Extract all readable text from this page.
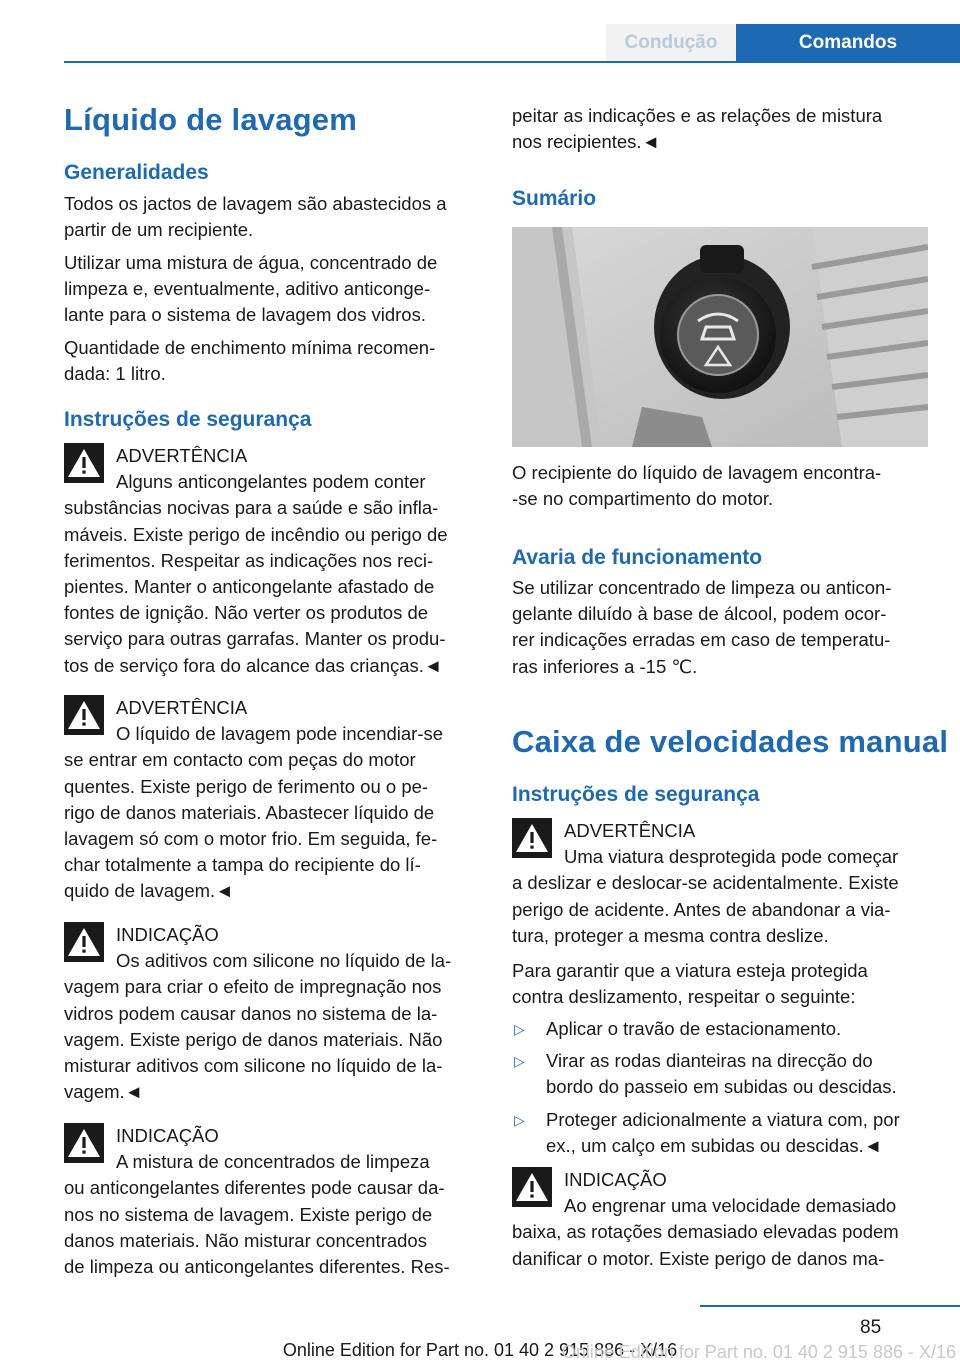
Condução	Comandos
Líquido de lavagem
Generalidades
Todos os jactos de lavagem são abastecidos a
partir de um recipiente.
Utilizar uma mistura de água, concentrado de
limpeza e, eventualmente, aditivo anticonge-
lante para o sistema de lavagem dos vidros.
Quantidade de enchimento mínima recomen-
dada: 1 litro.
Instruções de segurança
ADVERTÊNCIA
Alguns anticongelantes podem conter
substâncias nocivas para a saúde e são infla-
máveis. Existe perigo de incêndio ou perigo de
ferimentos. Respeitar as indicações nos reci-
pientes. Manter o anticongelante afastado de
fontes de ignição. Não verter os produtos de
serviço para outras garrafas. Manter os produ-
tos de serviço fora do alcance das crianças.◄
ADVERTÊNCIA
O líquido de lavagem pode incendiar-se
se entrar em contacto com peças do motor
quentes. Existe perigo de ferimento ou o pe-
rigo de danos materiais. Abastecer líquido de
lavagem só com o motor frio. Em seguida, fe-
char totalmente a tampa do recipiente do lí-
quido de lavagem.◄
INDICAÇÃO
Os aditivos com silicone no líquido de la-
vagem para criar o efeito de impregnação nos
vidros podem causar danos no sistema de la-
vagem. Existe perigo de danos materiais. Não
misturar aditivos com silicone no líquido de la-
vagem.◄
INDICAÇÃO
A mistura de concentrados de limpeza
ou anticongelantes diferentes pode causar da-
nos no sistema de lavagem. Existe perigo de
danos materiais. Não misturar concentrados
de limpeza ou anticongelantes diferentes. Res-
peitar as indicações e as relações de mistura
nos recipientes.◄
Sumário
O recipiente do líquido de lavagem encontra-
-se no compartimento do motor.
Avaria de funcionamento
Se utilizar concentrado de limpeza ou anticon-
gelante diluído à base de álcool, podem ocor-
rer indicações erradas em caso de temperatu-
ras inferiores a -15 ℃.
Caixa de velocidades manual
Instruções de segurança
ADVERTÊNCIA
Uma viatura desprotegida pode começar
a deslizar e deslocar-se acidentalmente. Existe
perigo de acidente. Antes de abandonar a via-
tura, proteger a mesma contra deslize.
Para garantir que a viatura esteja protegida
contra deslizamento, respeitar o seguinte:
▷ Aplicar o travão de estacionamento.
▷ Virar as rodas dianteiras na direcção do
bordo do passeio em subidas ou descidas.
▷ Proteger adicionalmente a viatura com, por
ex., um calço em subidas ou descidas.◄
INDICAÇÃO
Ao engrenar uma velocidade demasiado
baixa, as rotações demasiado elevadas podem
danificar o motor. Existe perigo de danos ma-
85
Online Edition for Part no. 01 40 2 915 886 - X/16
Online Edition for Part no. 01 40 2 915 886 - X/16
